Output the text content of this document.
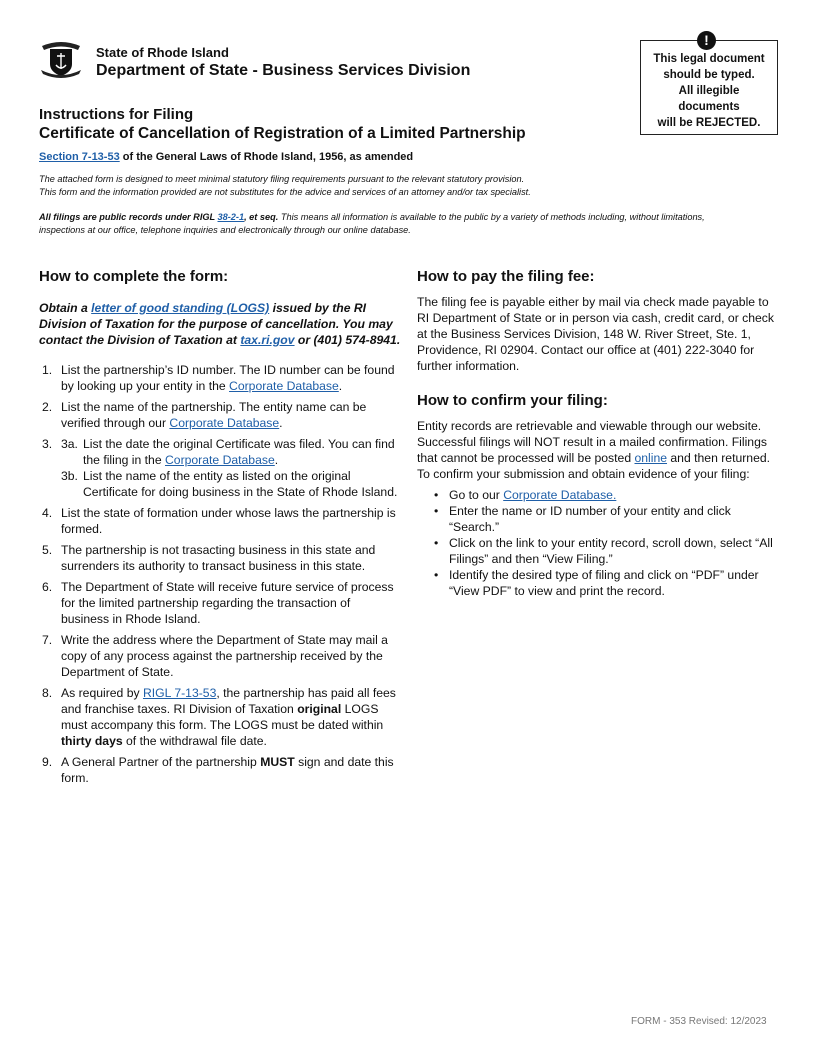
State of Rhode Island
Department of State - Business Services Division
This legal document
should be typed.
All illegible
documents
will be REJECTED.
!
Instructions for Filing
Certificate of Cancellation of Registration of a Limited Partnership
Section 7-13-53 of the General Laws of Rhode Island, 1956, as amended
The attached form is designed to meet minimal statutory filing requirements pursuant to the relevant statutory provision.
This form and the information provided are not substitutes for the advice and services of an attorney and/or tax specialist.
All filings are public records under RIGL 38-2-1, et seq. This means all information is available to the public by a variety of methods including, without limitations, inspections at our office, telephone inquiries and electronically through our online database.
How to complete the form:

Obtain a letter of good standing (LOGS) issued by the RI Division of Taxation for the purpose of cancellation. You may contact the Division of Taxation at tax.ri.gov or (401) 574-8941.

1. List the partnership’s ID number. The ID number can be found by looking up your entity in the Corporate Database.
2. List the name of the partnership. The entity name can be verified through our Corporate Database.
3. 3a. List the date the original Certificate was filed. You can find the filing in the Corporate Database.
3b. List the name of the entity as listed on the original Certificate for doing business in the State of Rhode Island.
4. List the state of formation under whose laws the partnership is formed.
5. The partnership is not trasacting business in this state and surrenders its authority to transact business in this state.
6. The Department of State will receive future service of process for the limited partnership regarding the transaction of business in Rhode Island.
7. Write the address where the Department of State may mail a copy of any process against the partnership received by the Department of State.
8. As required by RIGL 7-13-53, the partnership has paid all fees and franchise taxes. RI Division of Taxation original LOGS must accompany this form. The LOGS must be dated within thirty days of the withdrawal file date.
9. A General Partner of the partnership MUST sign and date this form.
How to pay the filing fee:

The filing fee is payable either by mail via check made payable to RI Department of State or in person via cash, credit card, or check at the Business Services Division, 148 W. River Street, Ste. 1, Providence, RI 02904. Contact our office at (401) 222-3040 for further information.

How to confirm your filing:

Entity records are retrievable and viewable through our website. Successful filings will NOT result in a mailed confirmation. Filings that cannot be processed will be posted online and then returned. To confirm your submission and obtain evidence of your filing:

• Go to our Corporate Database.
• Enter the name or ID number of your entity and click “Search.”
• Click on the link to your entity record, scroll down, select “All Filings” and then “View Filing.”
• Identify the desired type of filing and click on “PDF” under “View PDF” to view and print the record.
FORM - 353 Revised: 12/2023
